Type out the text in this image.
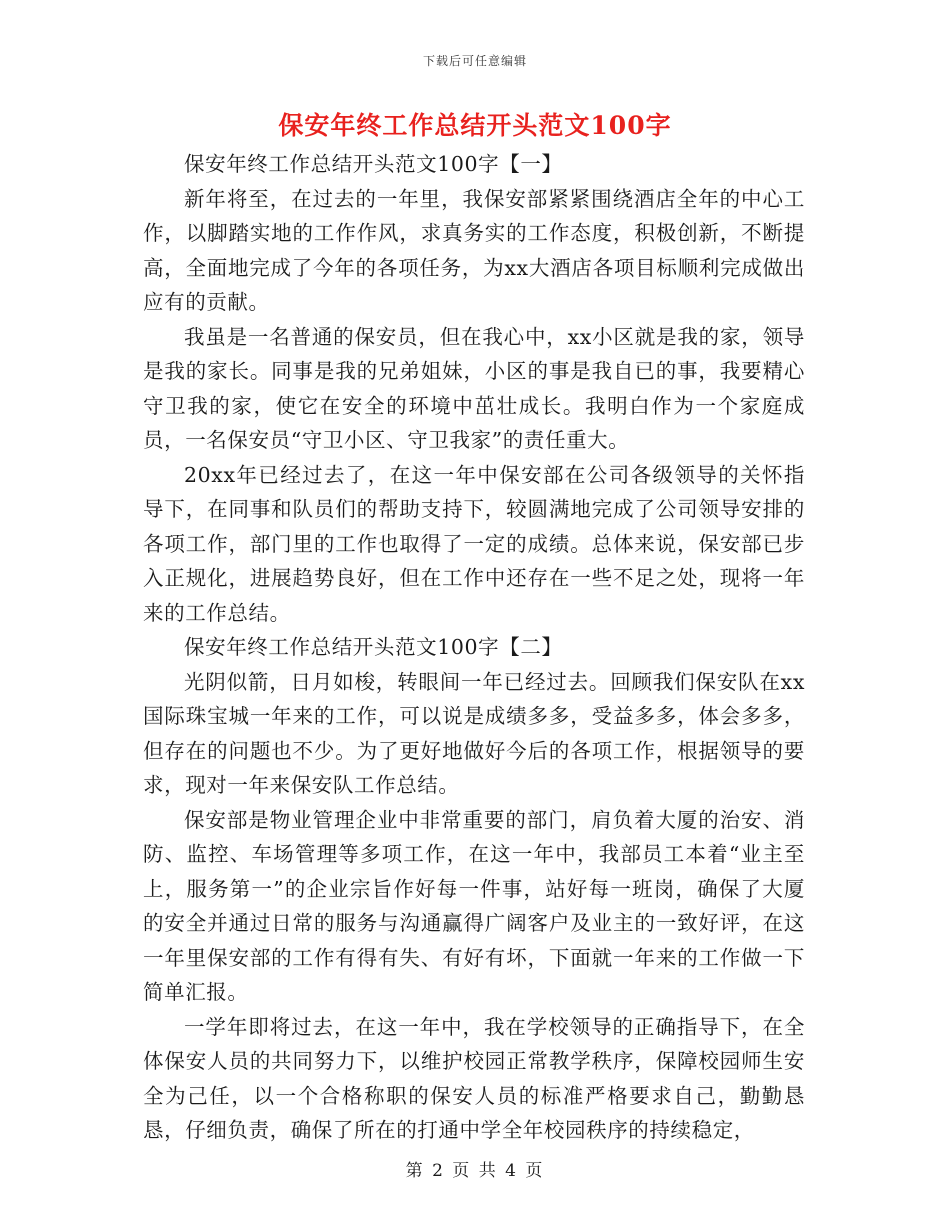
下载后可任意编辑
保安年终工作总结开头范文100字

保安年终工作总结开头范文100字【一】

新年将至，在过去的一年里，我保安部紧紧围绕酒店全年的中心工作，以脚踏实地的工作作风，求真务实的工作态度，积极创新，不断提高，全面地完成了今年的各项任务，为xx大酒店各项目标顺利完成做出应有的贡献。

我虽是一名普通的保安员，但在我心中，xx小区就是我的家，领导是我的家长。同事是我的兄弟姐妹，小区的事是我自已的事，我要精心守卫我的家，使它在安全的环境中茁壮成长。我明白作为一个家庭成员，一名保安员“守卫小区、守卫我家”的责任重大。

20xx年已经过去了，在这一年中保安部在公司各级领导的关怀指导下，在同事和队员们的帮助支持下，较圆满地完成了公司领导安排的各项工作，部门里的工作也取得了一定的成绩。总体来说，保安部已步入正规化，进展趋势良好，但在工作中还存在一些不足之处，现将一年来的工作总结。

保安年终工作总结开头范文100字【二】

光阴似箭，日月如梭，转眼间一年已经过去。回顾我们保安队在xx国际珠宝城一年来的工作，可以说是成绩多多，受益多多，体会多多，但存在的问题也不少。为了更好地做好今后的各项工作，根据领导的要求，现对一年来保安队工作总结。

保安部是物业管理企业中非常重要的部门，肩负着大厦的治安、消防、监控、车场管理等多项工作，在这一年中，我部员工本着“业主至上，服务第一”的企业宗旨作好每一件事，站好每一班岗，确保了大厦的安全并通过日常的服务与沟通赢得广阔客户及业主的一致好评，在这一年里保安部的工作有得有失、有好有坏，下面就一年来的工作做一下简单汇报。

一学年即将过去，在这一年中，我在学校领导的正确指导下，在全体保安人员的共同努力下，以维护校园正常教学秩序，保障校园师生安全为己任，以一个合格称职的保安人员的标准严格要求自己，勤勤恳恳，仔细负责，确保了所在的打通中学全年校园秩序的持续稳定，

第 2 页 共 4 页
